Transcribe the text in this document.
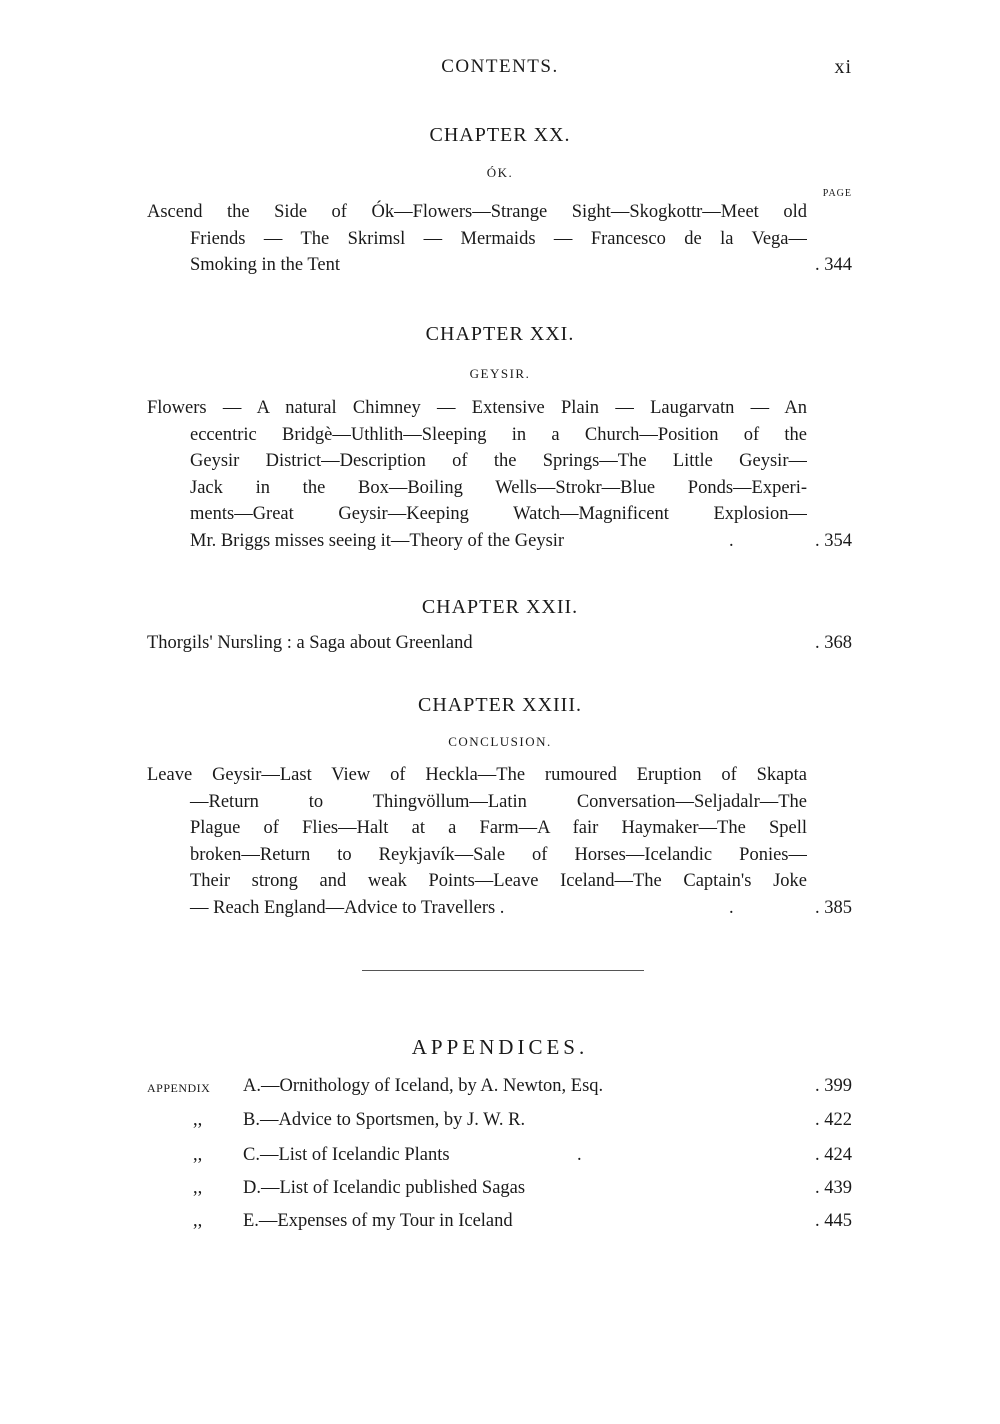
CONTENTS.	xi
CHAPTER XX.
ÓK.
PAGE
Ascend the Side of Ók—Flowers—Strange Sight—Skogkottr—Meet old
Friends — The Skrimsl — Mermaids — Francesco de la Vega—
Smoking in the Tent	. 344
CHAPTER XXI.
GEYSIR.
Flowers — A natural Chimney — Extensive Plain — Laugarvatn — An
eccentric Bridgè—Uthlith—Sleeping in a Church—Position of the
Geysir District—Description of the Springs—The Little Geysir—
Jack in the Box—Boiling Wells—Strokr—Blue Ponds—Experi-
ments—Great Geysir—Keeping Watch—Magnificent Explosion—
Mr. Briggs misses seeing it—Theory of the Geysir	.	. 354
CHAPTER XXII.
Thorgils' Nursling : a Saga about Greenland	. 368
CHAPTER XXIII.
CONCLUSION.
Leave Geysir—Last View of Heckla—The rumoured Eruption of Skapta
—Return to Thingvöllum—Latin Conversation—Seljadalr—The
Plague of Flies—Halt at a Farm—A fair Haymaker—The Spell
broken—Return to Reykjavík—Sale of Horses—Icelandic Ponies—
Their strong and weak Points—Leave Iceland—The Captain's Joke
— Reach England—Advice to Travellers .	.	. 385
APPENDICES.
APPENDIX A.—Ornithology of Iceland, by A. Newton, Esq.	. 399
,, B.—Advice to Sportsmen, by J. W. R.	. 422
,, C.—List of Icelandic Plants	.	. 424
,, D.—List of Icelandic published Sagas	. 439
,, E.—Expenses of my Tour in Iceland	. 445
